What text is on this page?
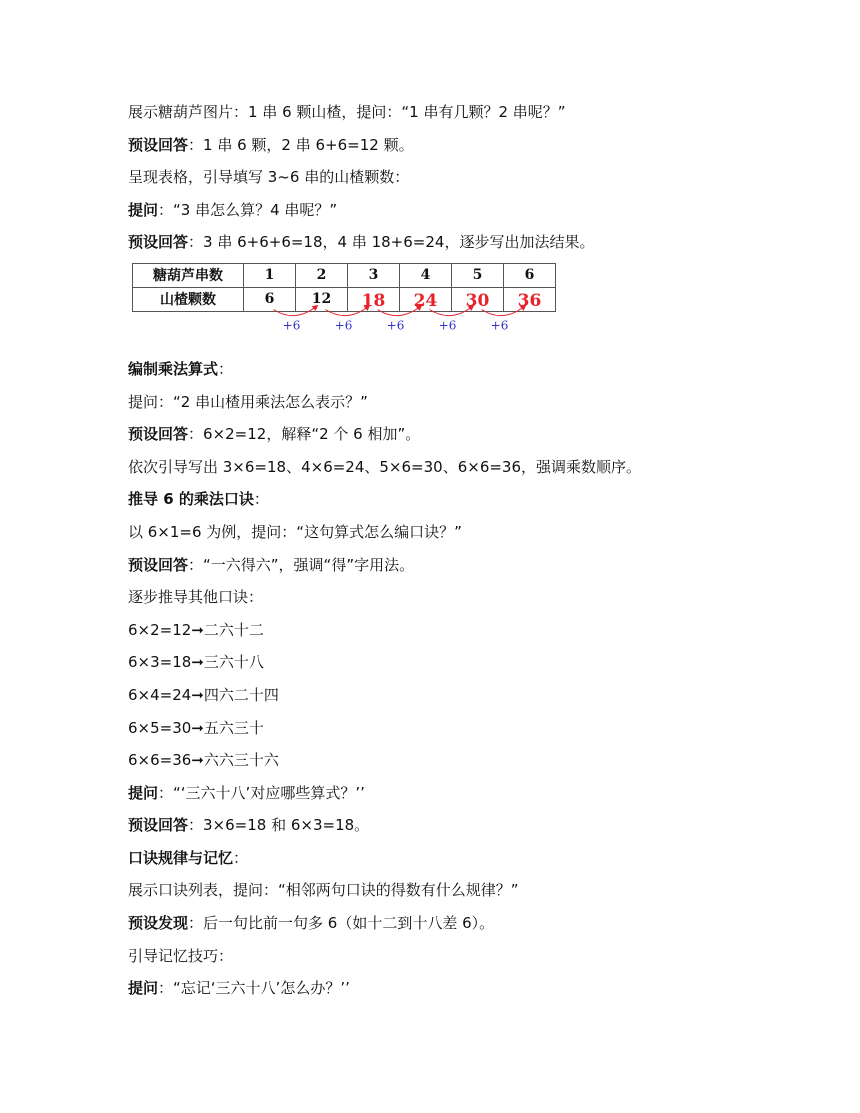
展示糖葫芦图片：1 串 6 颗山楂，提问：“1 串有几颗？2 串呢？”
预设回答：1 串 6 颗，2 串 6+6=12 颗。
呈现表格，引导填写 3~6 串的山楂颗数：
提问：“3 串怎么算？4 串呢？”
预设回答：3 串 6+6+6=18，4 串 18+6=24，逐步写出加法结果。
糖葫芦串数	1	2	3	4	5	6
山楂颗数	6	12	18	24	30	36
+6	+6	+6	+6	+6
编制乘法算式：
提问：“2 串山楂用乘法怎么表示？”
预设回答：6×2=12，解释“2 个 6 相加”。
依次引导写出 3×6=18、4×6=24、5×6=30、6×6=36，强调乘数顺序。
推导 6 的乘法口诀：
以 6×1=6 为例，提问：“这句算式怎么编口诀？”
预设回答：“一六得六”，强调“得”字用法。
逐步推导其他口诀：
6×2=12➞二六十二
6×3=18➞三六十八
6×4=24➞四六二十四
6×5=30➞五六三十
6×6=36➞六六三十六
提问：“‘三六十八’对应哪些算式？’’
预设回答：3×6=18 和 6×3=18。
口诀规律与记忆：
展示口诀列表，提问：“相邻两句口诀的得数有什么规律？”
预设发现：后一句比前一句多 6（如十二到十八差 6）。
引导记忆技巧：
提问：“忘记‘三六十八’怎么办？’’
